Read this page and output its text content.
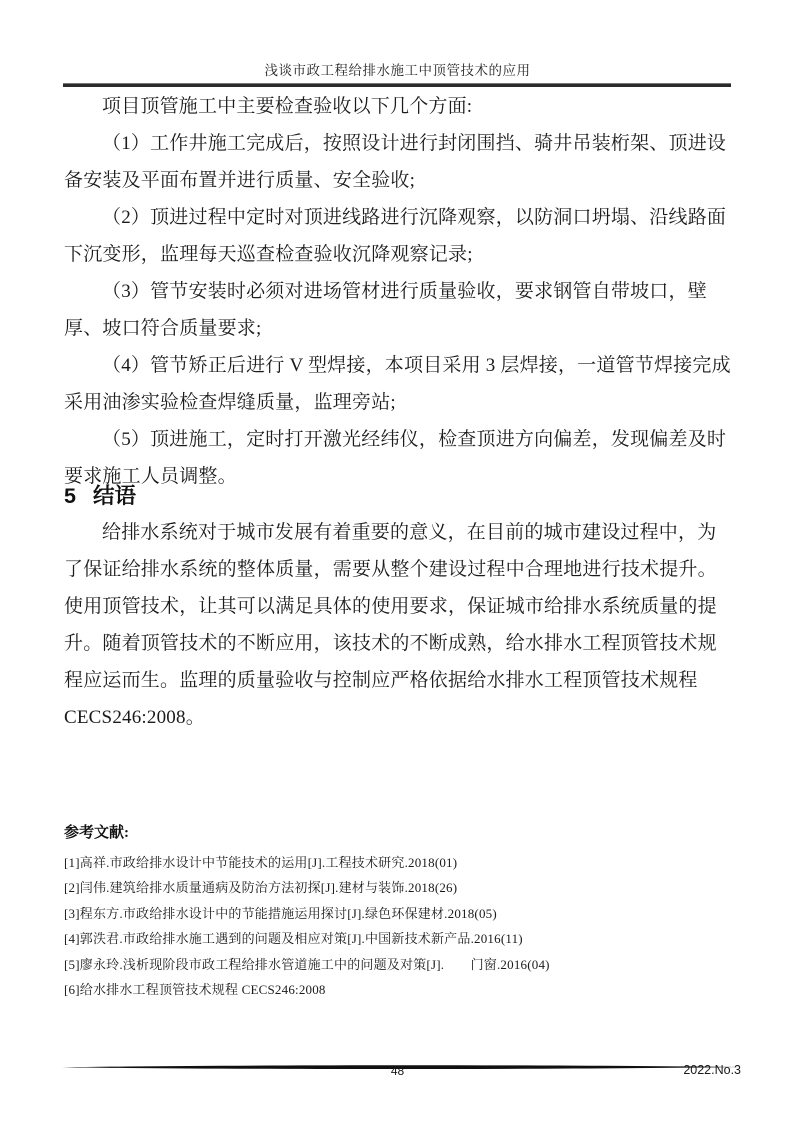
浅谈市政工程给排水施工中顶管技术的应用

项目顶管施工中主要检查验收以下几个方面:

（1）工作井施工完成后，按照设计进行封闭围挡、骑井吊装桁架、顶进设备安装及平面布置并进行质量、安全验收;

（2）顶进过程中定时对顶进线路进行沉降观察，以防洞口坍塌、沿线路面下沉变形，监理每天巡查检查验收沉降观察记录;

（3）管节安装时必须对进场管材进行质量验收，要求钢管自带坡口，壁厚、坡口符合质量要求;

（4）管节矫正后进行 V 型焊接，本项目采用 3 层焊接，一道管节焊接完成采用油渗实验检查焊缝质量，监理旁站;

（5）顶进施工，定时打开激光经纬仪，检查顶进方向偏差，发现偏差及时要求施工人员调整。

5 结语

给排水系统对于城市发展有着重要的意义，在目前的城市建设过程中，为了保证给排水系统的整体质量，需要从整个建设过程中合理地进行技术提升。使用顶管技术，让其可以满足具体的使用要求，保证城市给排水系统质量的提升。随着顶管技术的不断应用，该技术的不断成熟，给水排水工程顶管技术规程应运而生。监理的质量验收与控制应严格依据给水排水工程顶管技术规程 CECS246:2008。

参考文献:

[1]高祥.市政给排水设计中节能技术的运用[J].工程技术研究.2018(01)

[2]闫伟.建筑给排水质量通病及防治方法初探[J].建材与装饰.2018(26)

[3]程东方.市政给排水设计中的节能措施运用探讨[J].绿色环保建材.2018(05)

[4]郭泆君.市政给排水施工遇到的问题及相应对策[J].中国新技术新产品.2016(11)

[5]廖永玲.浅析现阶段市政工程给排水管道施工中的问题及对策[J].　　门窗.2016(04)

[6]给水排水工程顶管技术规程 CECS246:2008

48	2022.No.3
